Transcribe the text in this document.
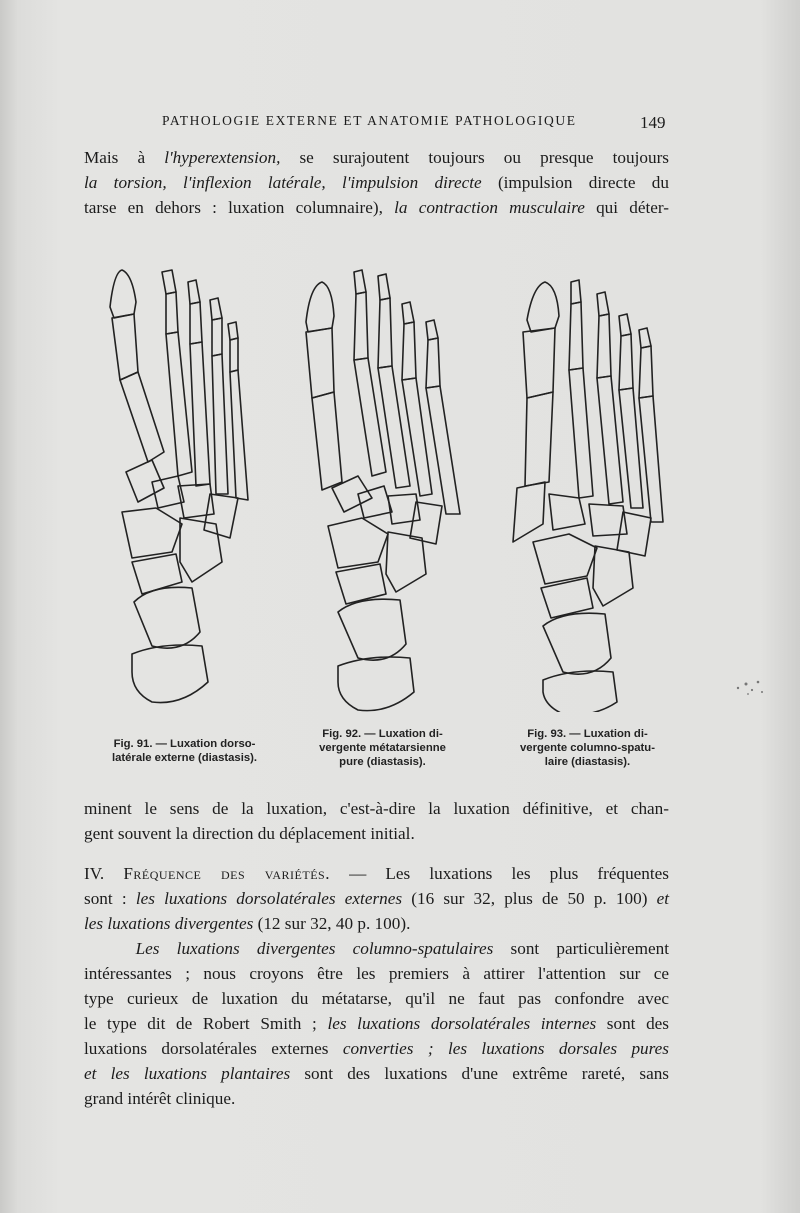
PATHOLOGIE EXTERNE ET ANATOMIE PATHOLOGIQUE	149

Mais à l'hyperextension, se surajoutent toujours ou presque toujours
la torsion, l'inflexion latérale, l'impulsion directe (impulsion directe du
tarse en dehors : luxation columnaire), la contraction musculaire qui déter-

Fig. 91. — Luxation dorso-
latérale externe (diastasis).
Fig. 92. — Luxation di-
vergente métatarsienne
pure (diastasis).
Fig. 93. — Luxation di-
vergente columno-spatu-
laire (diastasis).

minent le sens de la luxation, c'est-à-dire la luxation définitive, et chan-
gent souvent la direction du déplacement initial.

IV. Fréquence des variétés. — Les luxations les plus fréquentes
sont : les luxations dorsolatérales externes (16 sur 32, plus de 50 p. 100) et
les luxations divergentes (12 sur 32, 40 p. 100).

Les luxations divergentes columno-spatulaires sont particulièrement
intéressantes ; nous croyons être les premiers à attirer l'attention sur ce
type curieux de luxation du métatarse, qu'il ne faut pas confondre avec
le type dit de Robert Smith ; les luxations dorsolatérales internes sont des
luxations dorsolatérales externes converties ; les luxations dorsales pures
et les luxations plantaires sont des luxations d'une extrême rareté, sans
grand intérêt clinique.
